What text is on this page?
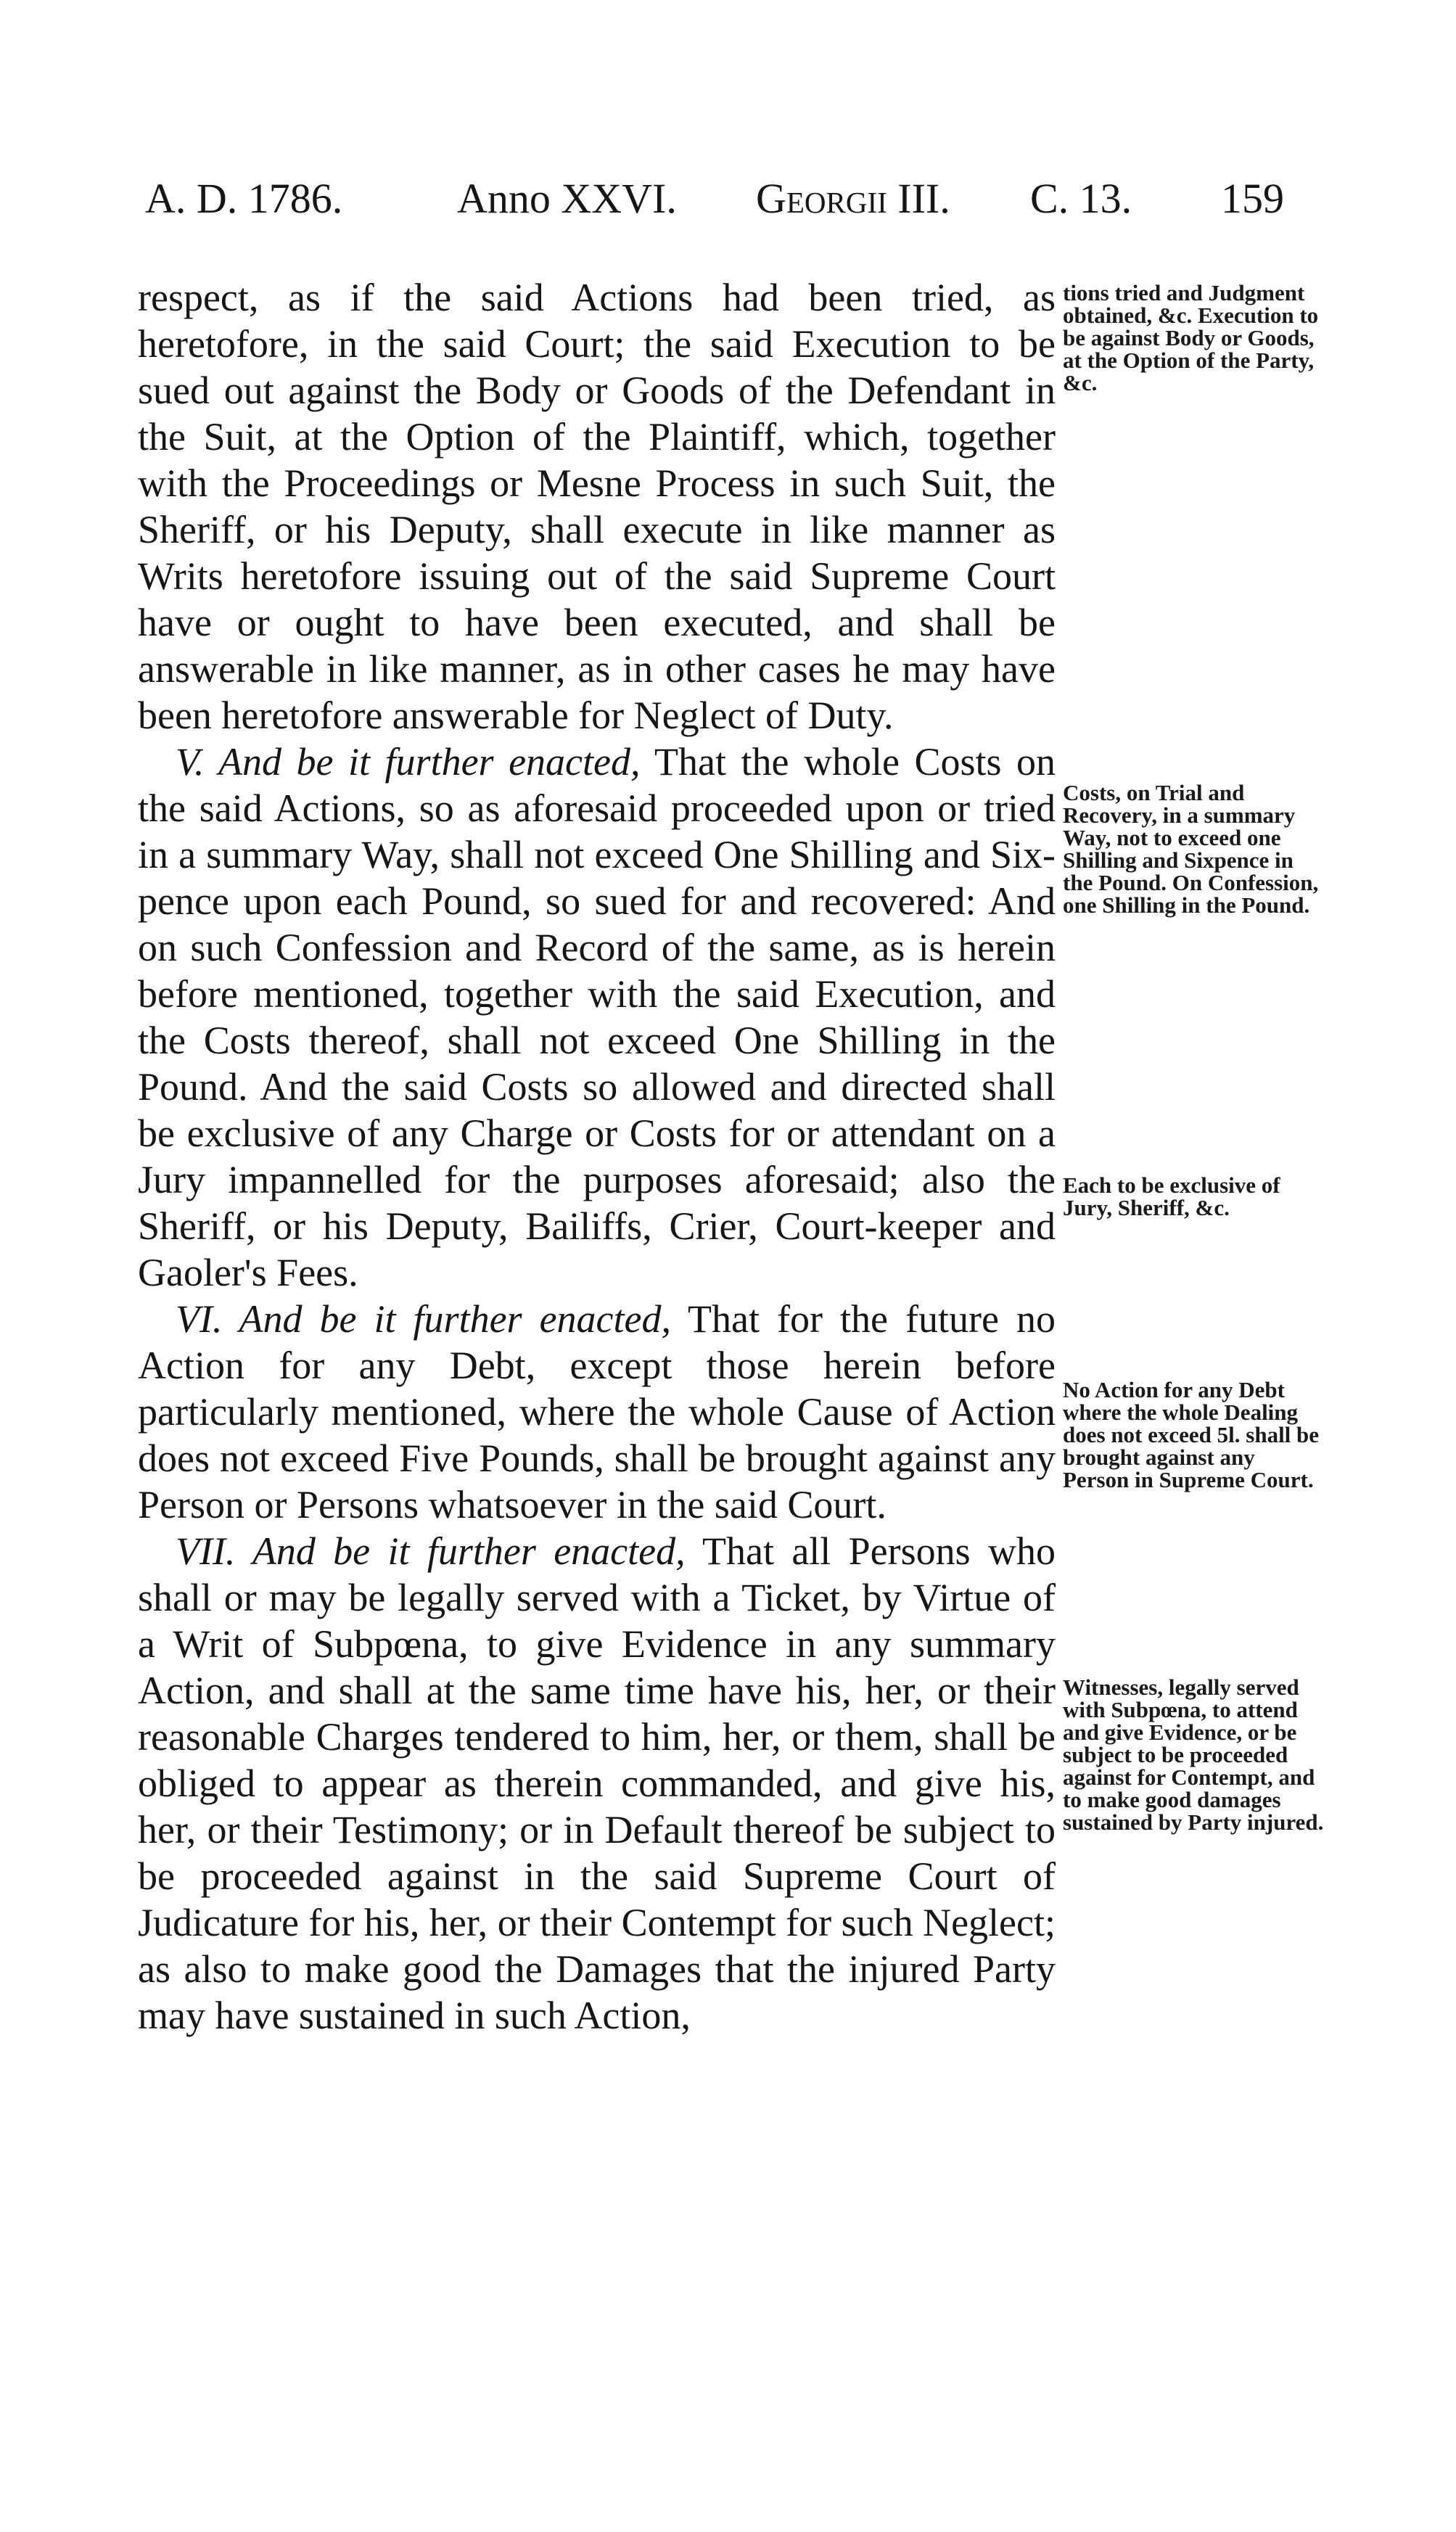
A. D. 1786.	Anno XXVI. Georgii III. C. 13. 159

respect, as if the said Actions had been tried, as heretofore, in the said Court; the said Execution to be sued out against the Body or Goods of the Defendant in the Suit, at the Option of the Plaintiff, which, together with the Proceedings or Mesne Process in such Suit, the Sheriff, or his Deputy, shall execute in like manner as Writs heretofore issuing out of the said Supreme Court have or ought to have been executed, and shall be answerable in like manner, as in other cases he may have been heretofore answerable for Neglect of Duty.

V. And be it further enacted, That the whole Costs on the said Actions, so as aforesaid proceeded upon or tried in a summary Way, shall not exceed One Shilling and Six-pence upon each Pound, so sued for and recovered: And on such Confession and Record of the same, as is herein before mentioned, together with the said Execution, and the Costs thereof, shall not exceed One Shilling in the Pound. And the said Costs so allowed and directed shall be exclusive of any Charge or Costs for or attendant on a Jury impannelled for the purposes aforesaid; also the Sheriff, or his Deputy, Bailiffs, Crier, Court-keeper and Gaoler's Fees.

VI. And be it further enacted, That for the future no Action for any Debt, except those herein before particularly mentioned, where the whole Cause of Action does not exceed Five Pounds, shall be brought against any Person or Persons whatsoever in the said Court.

VII. And be it further enacted, That all Persons who shall or may be legally served with a Ticket, by Virtue of a Writ of Subpœna, to give Evidence in any summary Action, and shall at the same time have his, her, or their reasonable Charges tendered to him, her, or them, shall be obliged to appear as therein commanded, and give his, her, or their Testimony; or in Default thereof be subject to be proceeded against in the said Supreme Court of Judicature for his, her, or their Contempt for such Neglect; as also to make good the Damages that the injured Party may have sustained in such Action,

tions tried and Judgment obtained, &c. Execution to be against Body or Goods, at the Option of the Party, &c.
Costs, on Trial and Recovery, in a summary Way, not to exceed one Shilling and Sixpence in the Pound. On Confession, one Shilling in the Pound.
Each to be exclusive of Jury, Sheriff, &c.
No Action for any Debt where the whole Dealing does not exceed 5l. shall be brought against any Person in Supreme Court.
Witnesses, legally served with Subpœna, to attend and give Evidence, or be subject to be proceeded against for Contempt, and to make good damages sustained by Party injured.
